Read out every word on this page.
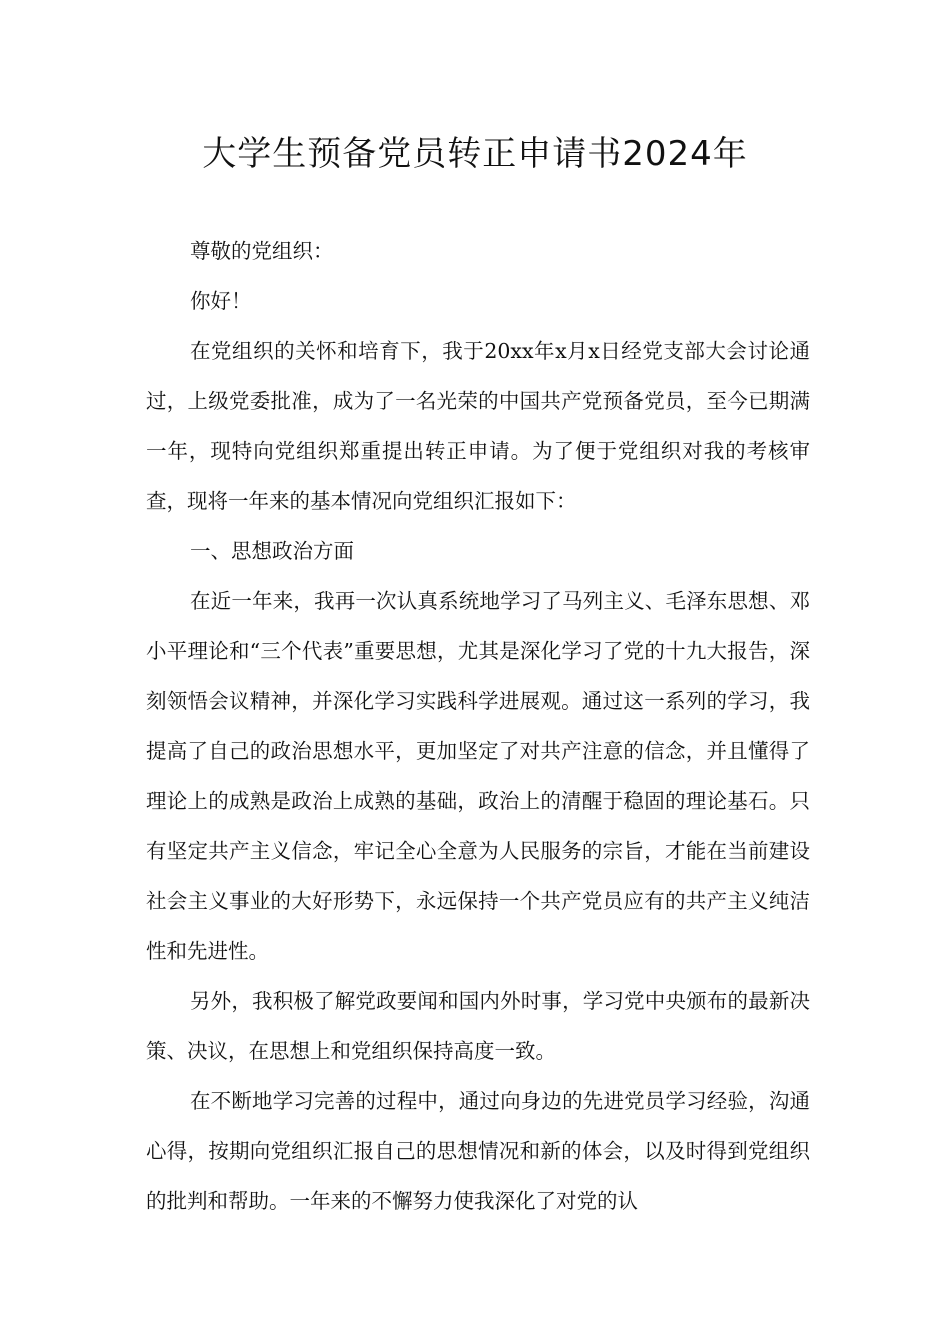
大学生预备党员转正申请书2024年

尊敬的党组织：

你好！

在党组织的关怀和培育下，我于20xx年x月x日经党支部大会讨论通过，上级党委批准，成为了一名光荣的中国共产党预备党员，至今已期满一年，现特向党组织郑重提出转正申请。为了便于党组织对我的考核审查，现将一年来的基本情况向党组织汇报如下：

一、思想政治方面

在近一年来，我再一次认真系统地学习了马列主义、毛泽东思想、邓小平理论和“三个代表”重要思想，尤其是深化学习了党的十九大报告，深刻领悟会议精神，并深化学习实践科学进展观。通过这一系列的学习，我提高了自己的政治思想水平，更加坚定了对共产注意的信念，并且懂得了理论上的成熟是政治上成熟的基础，政治上的清醒于稳固的理论基石。只有坚定共产主义信念，牢记全心全意为人民服务的宗旨，才能在当前建设社会主义事业的大好形势下，永远保持一个共产党员应有的共产主义纯洁性和先进性。

另外，我积极了解党政要闻和国内外时事，学习党中央颁布的最新决策、决议，在思想上和党组织保持高度一致。

在不断地学习完善的过程中，通过向身边的先进党员学习经验，沟通心得，按期向党组织汇报自己的思想情况和新的体会，以及时得到党组织的批判和帮助。一年来的不懈努力使我深化了对党的认
